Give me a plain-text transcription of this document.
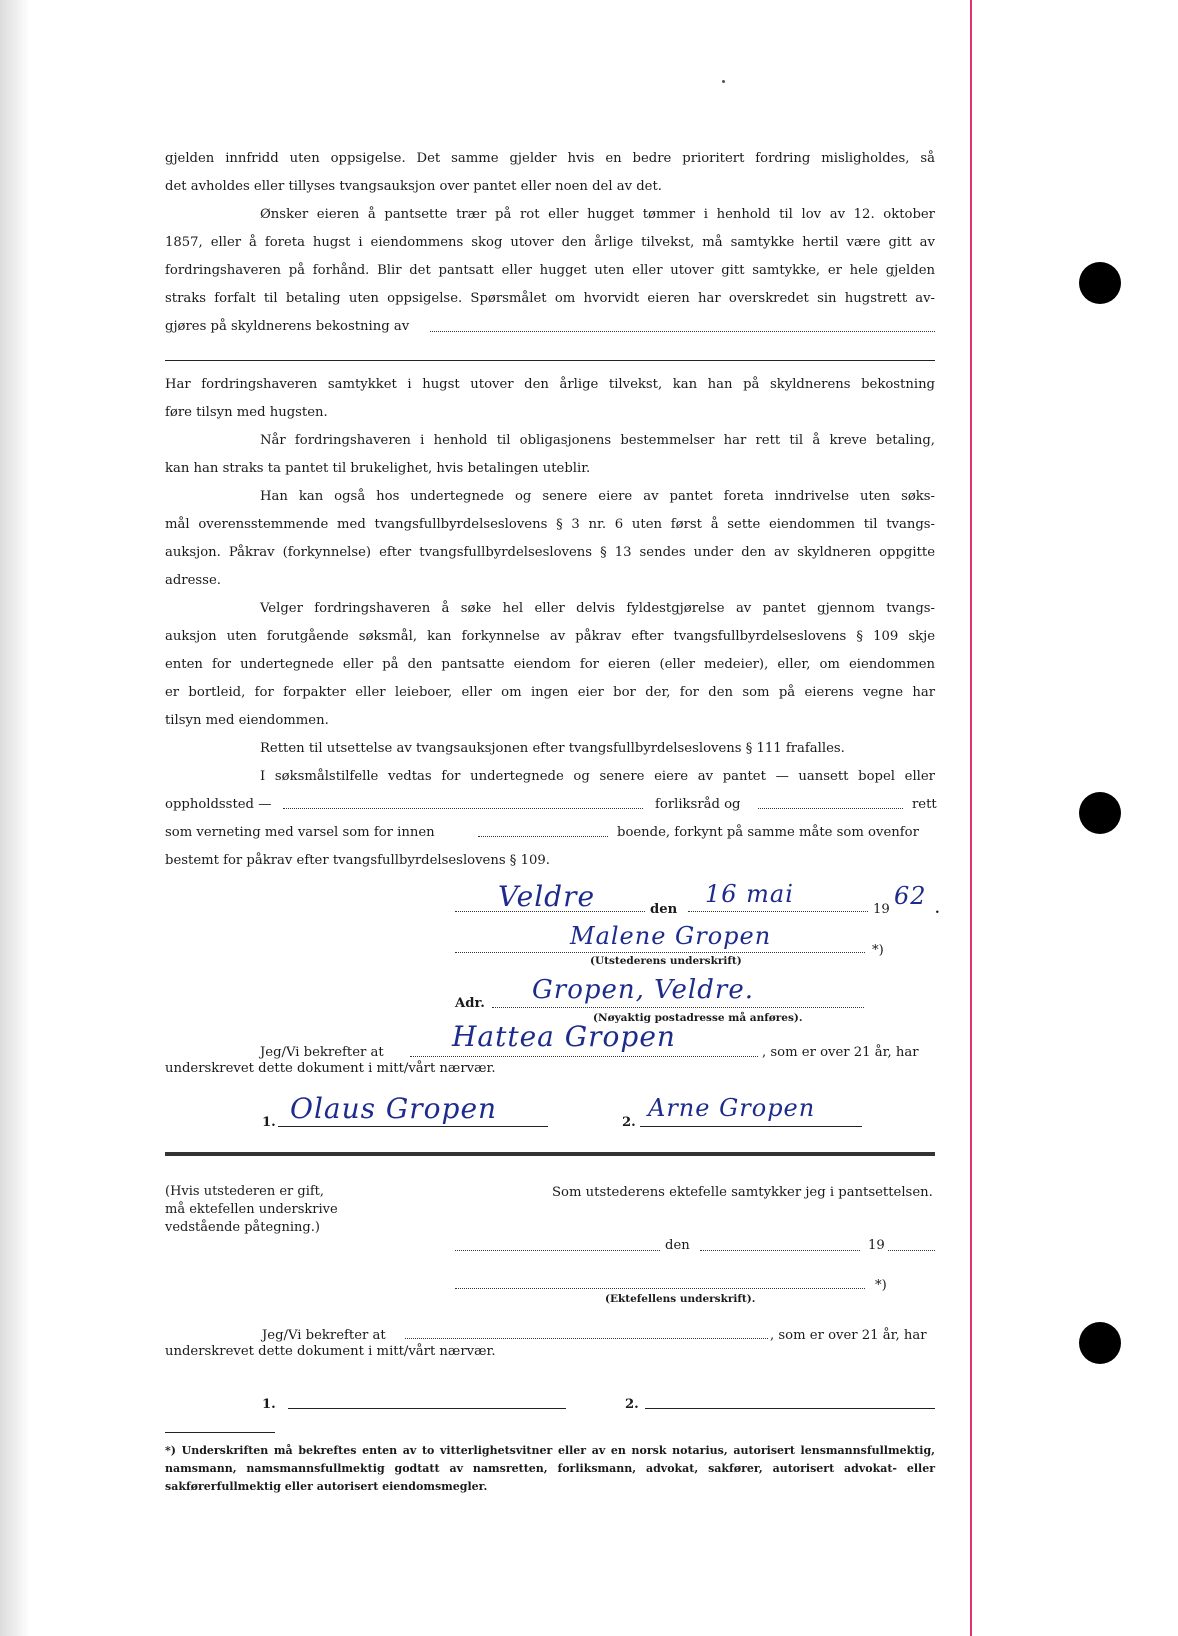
gjelden innfridd uten oppsigelse. Det samme gjelder hvis en bedre prioritert fordring misligholdes, så
det avholdes eller tillyses tvangsauksjon over pantet eller noen del av det.
Ønsker eieren å pantsette trær på rot eller hugget tømmer i henhold til lov av 12. oktober
1857, eller å foreta hugst i eiendommens skog utover den årlige tilvekst, må samtykke hertil være gitt av
fordringshaveren på forhånd. Blir det pantsatt eller hugget uten eller utover gitt samtykke, er hele gjelden
straks forfalt til betaling uten oppsigelse. Spørsmålet om hvorvidt eieren har overskredet sin hugstrett av-
gjøres på skyldnerens bekostning av
Har fordringshaveren samtykket i hugst utover den årlige tilvekst, kan han på skyldnerens bekostning
føre tilsyn med hugsten.
Når fordringshaveren i henhold til obligasjonens bestemmelser har rett til å kreve betaling,
kan han straks ta pantet til brukelighet, hvis betalingen uteblir.
Han kan også hos undertegnede og senere eiere av pantet foreta inndrivelse uten søks-
mål overensstemmende med tvangsfullbyrdelseslovens § 3 nr. 6 uten først å sette eiendommen til tvangs-
auksjon. Påkrav (forkynnelse) efter tvangsfullbyrdelseslovens § 13 sendes under den av skyldneren oppgitte
adresse.
Velger fordringshaveren å søke hel eller delvis fyldestgjørelse av pantet gjennom tvangs-
auksjon uten forutgående søksmål, kan forkynnelse av påkrav efter tvangsfullbyrdelseslovens § 109 skje
enten for undertegnede eller på den pantsatte eiendom for eieren (eller medeier), eller, om eiendommen
er bortleid, for forpakter eller leieboer, eller om ingen eier bor der, for den som på eierens vegne har
tilsyn med eiendommen.
Retten til utsettelse av tvangsauksjonen efter tvangsfullbyrdelseslovens § 111 frafalles.
I søksmålstilfelle vedtas for undertegnede og senere eiere av pantet — uansett bopel eller
oppholdssted —	forliksråd og	rett
som verneting med varsel som for innen	boende, forkynt på samme måte som ovenfor
bestemt for påkrav efter tvangsfullbyrdelseslovens § 109.
Veldre	den
16 mai
19 62 .
Malene Gropen
*)
(Utstederens underskrift)
Adr. Gropen, Veldre.
(Nøyaktig postadresse må anføres).
Jeg/Vi bekrefter at Hattea Gropen	, som er over 21 år, har
underskrevet dette dokument i mitt/vårt nærvær.
1. Olaus Gropen	2.
Arne Gropen
(Hvis utstederen er gift,
må ektefellen underskrive
vedstående påtegning.)
Som utstederens ektefelle samtykker jeg i pantsettelsen.
den	19
*)
(Ektefellens underskrift).
Jeg/Vi bekrefter at	, som er over 21 år, har
underskrevet dette dokument i mitt/vårt nærvær.
1.	2.
*) Underskriften må bekreftes enten av to vitterlighetsvitner eller av en norsk notarius, autorisert lensmannsfullmektig, namsmann, namsmannsfullmektig godtatt av namsretten, forliksmann, advokat, sakfører, autorisert advokat- eller sakførerfullmektig eller autorisert eiendomsmegler.
